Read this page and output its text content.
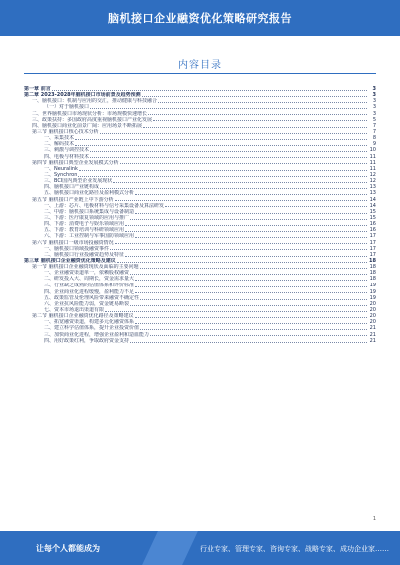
脑机接口企业融资优化策略研究报告
内容目录
第一章 前言	3
第二章 2023-2028年脑机接口市场前景及趋势预测	3
一、脑机接口：机制与应用的交汇，推动健康与科技融合	3
（一）对于脑机接口	3
二、世界脑机接口市场现状分析：市场规模快速增长	3
三、政策扶持：多国政府高度重视脑机接口产业化发展	5
四、脑机接口商业化前景广阔：应用场景不断拓展	7
第三节 脑机接口核心技术分析	7
一、采集技术	8
二、解码技术	9
三、刺激与调控技术	10
四、电极与材料技术	11
第四节 脑机接口典型企业发展模式分析	11
一、Neuralink	11
二、Synchron	12
三、BCI国内典型企业发展现状	12
四、脑机接口产业链构成	13
五、脑机接口商业化路径及盈利模式分析	13
第五节 脑机接口产业链上中下游分析	14
一、上游：芯片、电极材料与信号采集设备及算法研发	14
二、中游：脑机接口系统集成与设备制造	15
三、下游：医疗康复领域的应用与推广	15
四、下游：消费电子与娱乐领域应用	16
五、下游：教育培训与科研领域应用	16
六、下游：工业控制与军事国防领域应用	17
第六节 脑机接口一级市场投融资情况	17
一、脑机接口领域投融资事件	17
二、脑机接口行业投融资趋势及特征	17
第三章 脑机接口企业融资优化策略及建议	18
第一节 脑机接口企业融资现状及面临的主要问题	18
一、企业融资渠道单一，依赖股权融资	18
二、研发投入大、周期长，资金需求量大	18
三、行业缺乏成熟的估值体系和评价标准	19
四、企业商业化进程缓慢，盈利能力不足	19
五、政策监管及伦理风险带来融资不确定性	19
六、企业抗风险能力弱，资金链易断裂	20
七、资本市场退出渠道有限	20
第二节 脑机接口企业融资优化路径及策略建议	20
一、拓宽融资渠道，构建多元化融资体系	20
二、建立科学估值体系，提升企业投资价值	21
三、加快商业化进程，增强企业盈利和造血能力	21
四、用好政策红利，争取政府资金支持	21
1
让每个人都能成为	行业专家、管理专家、咨询专家、战略专家、成功企业家……
